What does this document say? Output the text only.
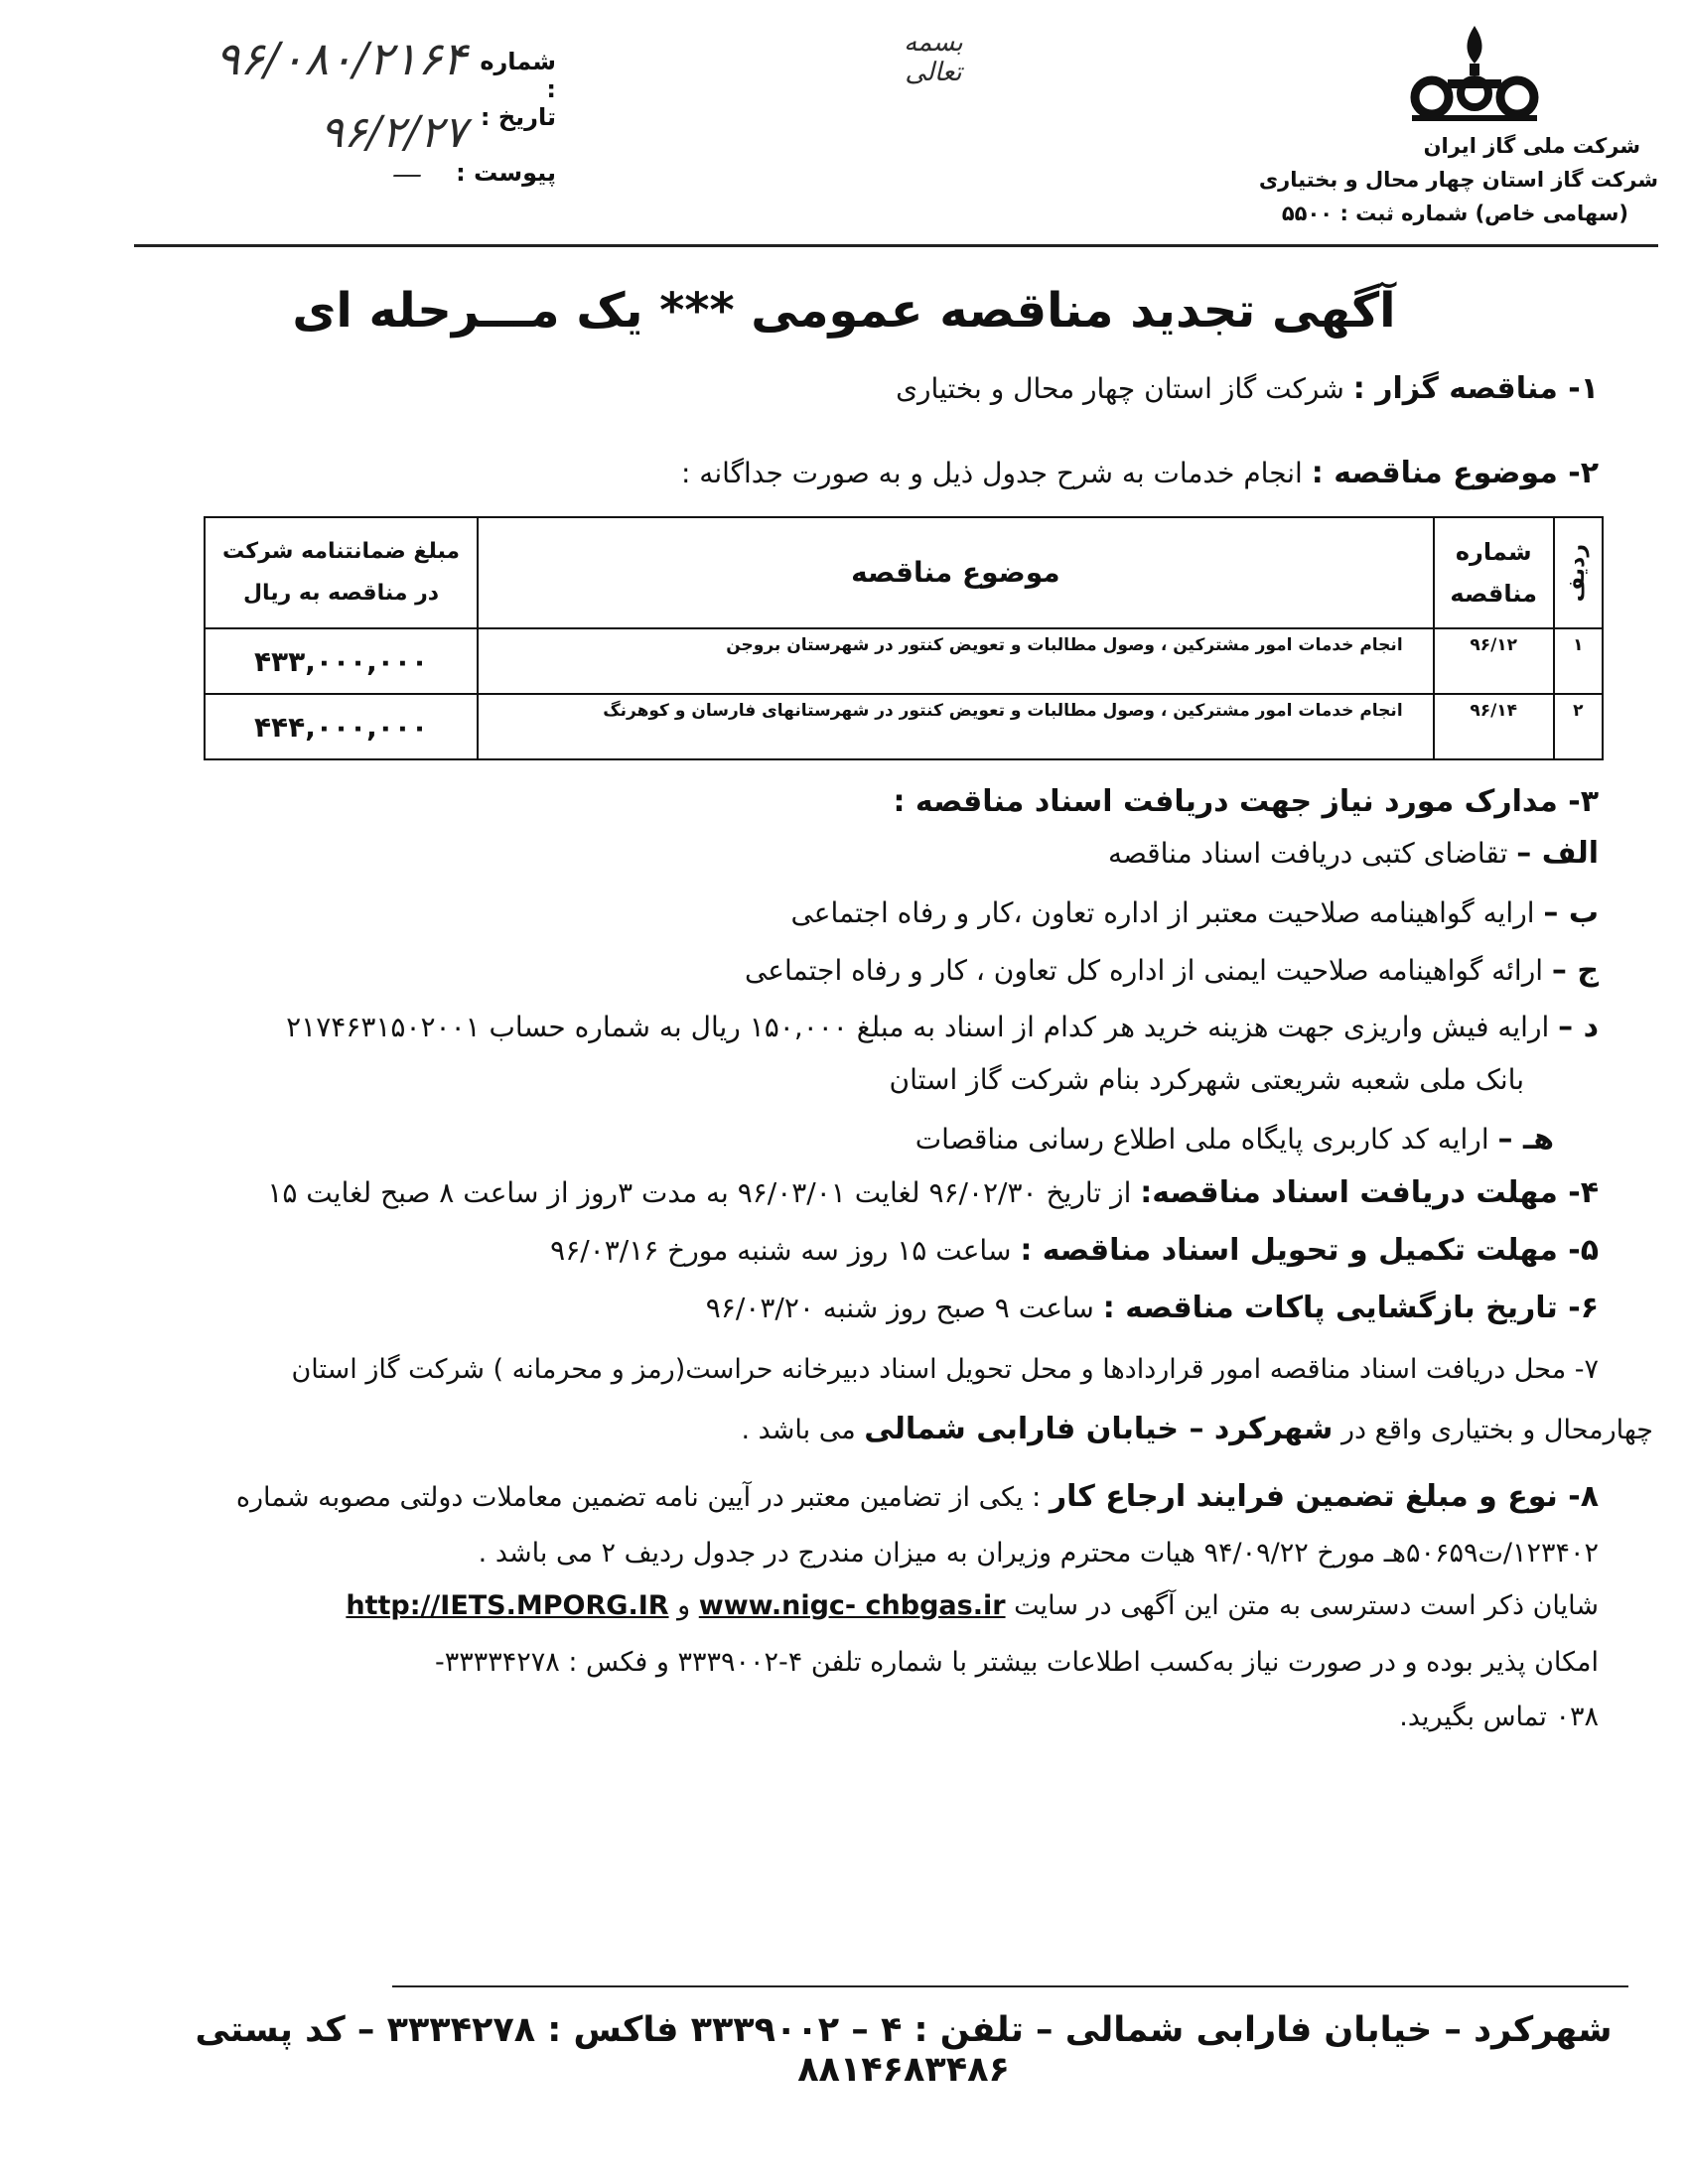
بسمه تعالی
شماره :
۹۶/۰۸۰/۲۱۶۴
تاریخ :
۹۶/۲/۲۷
پیوست :
—
شرکت ملی گاز ایران
شرکت گاز استان چهار محال و بختیاری
(سهامی خاص) شماره ثبت : ۵۵۰۰
آگهی تجدید مناقصه عمومی *** یک مـــرحله ای
۱- مناقصه گزار : شرکت گاز استان چهار محال و بختیاری
۲- موضوع مناقصه : انجام خدمات به شرح جدول ذیل و به صورت جداگانه :
ردیف	شماره مناقصه	موضوع مناقصه	مبلغ ضمانتنامه شرکت در مناقصه به ریال
۱	۹۶/۱۲	انجام خدمات امور مشترکین ، وصول مطالبات و تعویض کنتور در شهرستان بروجن	۴۳۳,۰۰۰,۰۰۰
۲	۹۶/۱۴	انجام خدمات امور مشترکین ، وصول مطالبات و تعویض کنتور در شهرستانهای فارسان و کوهرنگ	۴۴۴,۰۰۰,۰۰۰
۳- مدارک مورد نیاز جهت دریافت اسناد مناقصه :
الف – تقاضای کتبی دریافت اسناد مناقصه
ب – ارایه گواهینامه صلاحیت معتبر از اداره تعاون ،کار و رفاه اجتماعی
ج – ارائه گواهینامه صلاحیت ایمنی از اداره کل تعاون ، کار و رفاه اجتماعی
د – ارایه فیش واریزی جهت هزینه خرید هر کدام از اسناد به مبلغ ۱۵۰,۰۰۰ ریال به شماره حساب ۲۱۷۴۶۳۱۵۰۲۰۰۱
بانک ملی شعبه شریعتی شهرکرد بنام شرکت گاز استان
هـ – ارایه کد کاربری پایگاه ملی اطلاع رسانی مناقصات
۴- مهلت دریافت اسناد مناقصه: از تاریخ ۹۶/۰۲/۳۰ لغایت ۹۶/۰۳/۰۱ به مدت ۳روز از ساعت ۸ صبح لغایت ۱۵
۵- مهلت تکمیل و تحویل اسناد مناقصه : ساعت ۱۵ روز سه شنبه مورخ ۹۶/۰۳/۱۶
۶- تاریخ بازگشایی پاکات مناقصه : ساعت ۹ صبح روز شنبه ۹۶/۰۳/۲۰
۷- محل دریافت اسناد مناقصه امور قراردادها و محل تحویل اسناد دبیرخانه حراست(رمز و محرمانه ) شرکت گاز استان
چهارمحال و بختیاری واقع در شهرکرد – خیابان فارابی شمالی می باشد .
۸- نوع و مبلغ تضمین فرایند ارجاع کار : یکی از تضامین معتبر در آیین نامه تضمین معاملات دولتی مصوبه شماره
۱۲۳۴۰۲/ت۵۰۶۵۹هـ مورخ ۹۴/۰۹/۲۲ هیات محترم وزیران به میزان مندرج در جدول ردیف ۲ می باشد .
شایان ذکر است دسترسی به متن این آگهی در سایت www.nigc- chbgas.ir و http://IETS.MPORG.IR
امکان پذیر بوده و در صورت نیاز به‌کسب اطلاعات بیشتر با شماره تلفن ۴-۳۳۳۹۰۰۲ و فکس : ۳۳۳۳۴۲۷۸-
۰۳۸ تماس بگیرید.
شهرکرد – خیابان فارابی شمالی – تلفن : ۴ – ۳۳۳۹۰۰۲ فاکس : ۳۳۳۴۲۷۸ – کد پستی ۸۸۱۴۶۸۳۴۸۶
